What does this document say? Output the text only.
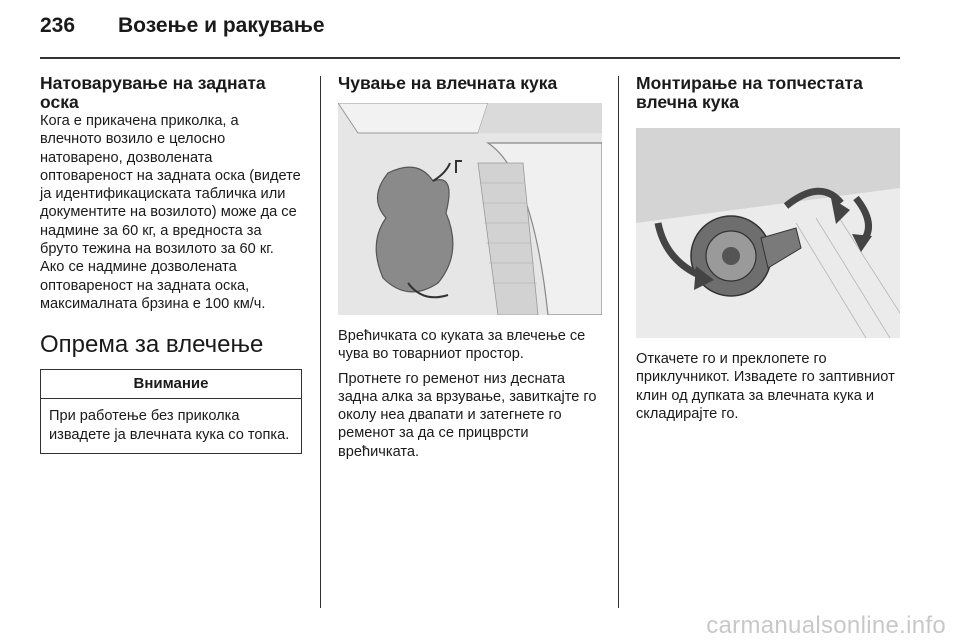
236 Возење и ракување
Натоварување на задната оска

Кога е прикачена приколка, а влечното возило е целосно натоварено, дозволената оптовареност на задната оска (видете ја идентификациската табличка или документите на возилото) може да се надмине за 60 кг, а вредноста за бруто тежина на возилото за 60 кг. Ако се надмине дозволената оптовареност на задната оска, максималната брзина е 100 км/ч.

Опрема за влечење
Внимание
При работење без приколка извадете ја влечната кука со топка.
Чување на влечната кука

Врећичката со куката за влечење се чува во товарниот простор.

Протнете го ременот низ десната задна алка за врзување, завиткајте го околу неа двапати и затегнете го ременот за да се прицврсти врећичката.

Монтирање на топчестата влечна кука

Откачете го и преклопете го приклучникот. Извадете го заптивниот клин од дупката за влечната кука и складирајте го.

carmanualsonline.info
